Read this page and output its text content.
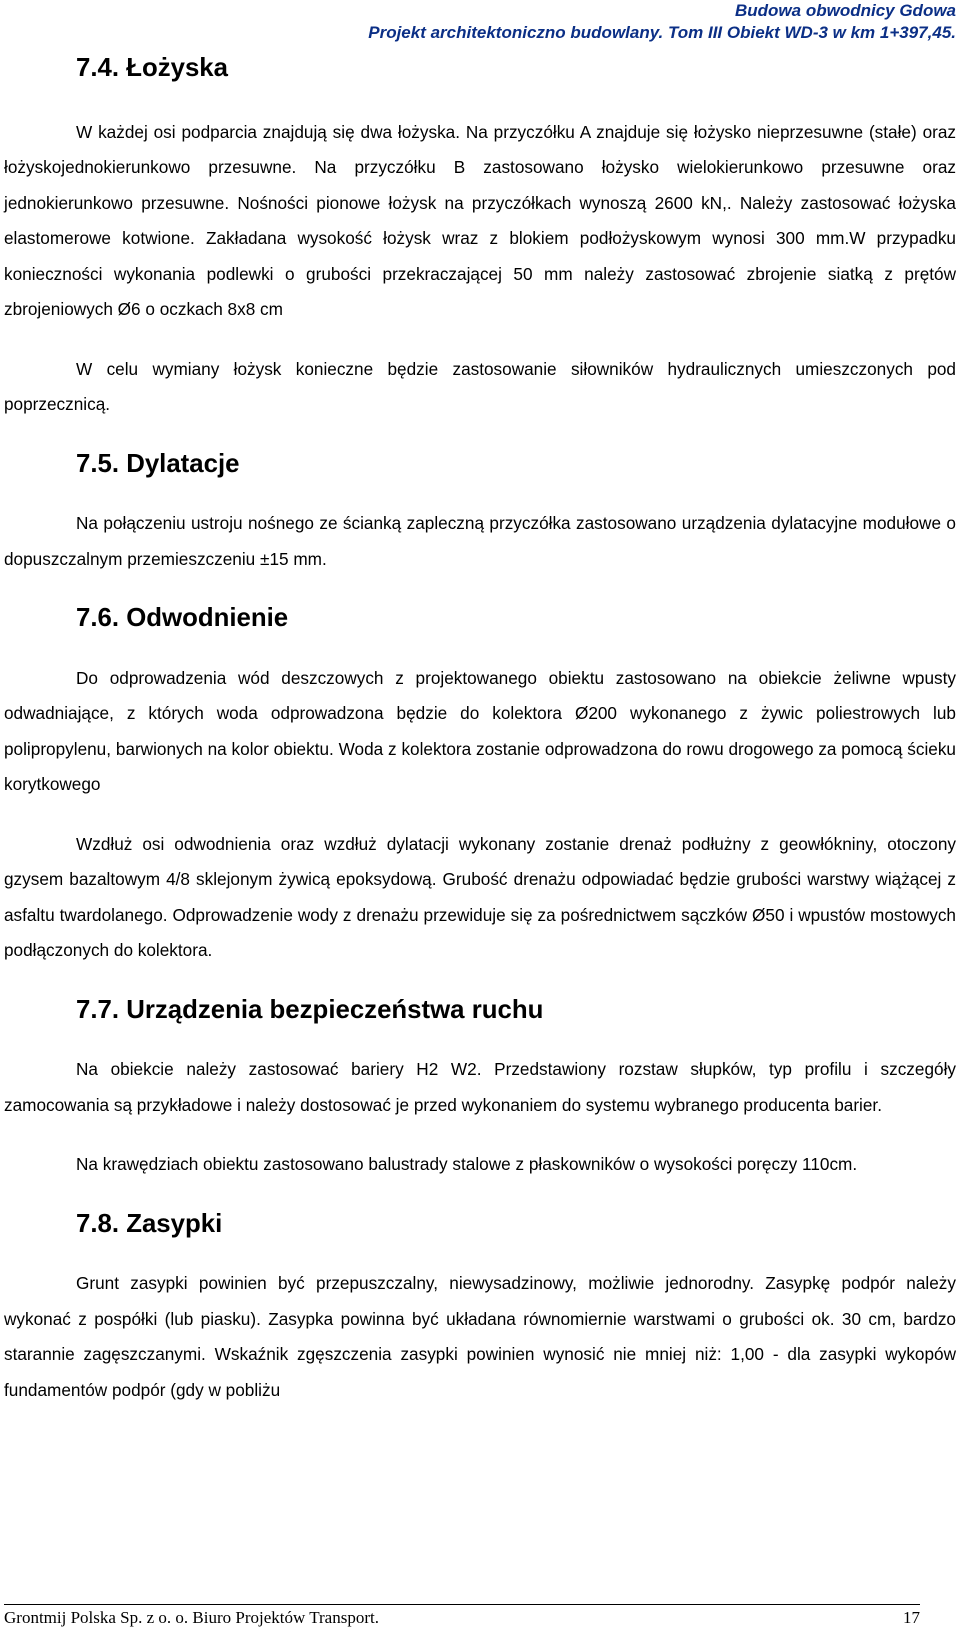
Budowa obwodnicy Gdowa
Projekt architektoniczno budowlany. Tom III Obiekt WD-3 w km 1+397,45.
7.4. Łożyska

W każdej osi podparcia znajdują się dwa łożyska. Na przyczółku A znajduje się łożysko nieprzesuwne (stałe) oraz łożyskojednokierunkowo przesuwne. Na przyczółku B zastosowano łożysko wielokierunkowo przesuwne oraz jednokierunkowo przesuwne. Nośności pionowe łożysk na przyczółkach wynoszą 2600 kN,. Należy zastosować łożyska elastomerowe kotwione. Zakładana wysokość łożysk wraz z blokiem podłożyskowym wynosi 300 mm.W przypadku konieczności wykonania podlewki o grubości przekraczającej 50 mm należy zastosować zbrojenie siatką z prętów zbrojeniowych Ø6 o oczkach 8x8 cm

W celu wymiany łożysk konieczne będzie zastosowanie siłowników hydraulicznych umieszczonych pod poprzecznicą.

7.5. Dylatacje

Na połączeniu ustroju nośnego ze ścianką zapleczną przyczółka zastosowano urządzenia dylatacyjne modułowe o dopuszczalnym przemieszczeniu ±15 mm.

7.6. Odwodnienie

Do odprowadzenia wód deszczowych z projektowanego obiektu zastosowano na obiekcie żeliwne wpusty odwadniające, z których woda odprowadzona będzie do kolektora Ø200 wykonanego z żywic poliestrowych lub polipropylenu, barwionych na kolor obiektu. Woda z kolektora zostanie odprowadzona do rowu drogowego za pomocą ścieku korytkowego

Wzdłuż osi odwodnienia oraz wzdłuż dylatacji wykonany zostanie drenaż podłużny z geowłókniny, otoczony gzysem bazaltowym 4/8 sklejonym żywicą epoksydową. Grubość drenażu odpowiadać będzie grubości warstwy wiążącej z asfaltu twardolanego. Odprowadzenie wody z drenażu przewiduje się za pośrednictwem sączków Ø50 i wpustów mostowych podłączonych do kolektora.

7.7. Urządzenia bezpieczeństwa ruchu

Na obiekcie należy zastosować bariery H2 W2. Przedstawiony rozstaw słupków, typ profilu i szczegóły zamocowania są przykładowe i należy dostosować je przed wykonaniem do systemu wybranego producenta barier.

Na krawędziach obiektu zastosowano balustrady stalowe z płaskowników o wysokości poręczy 110cm.

7.8. Zasypki

Grunt zasypki powinien być przepuszczalny, niewysadzinowy, możliwie jednorodny. Zasypkę podpór należy wykonać z pospółki (lub piasku). Zasypka powinna być układana równomiernie warstwami o grubości ok. 30 cm, bardzo starannie zagęszczanymi. Wskaźnik zgęszczenia zasypki powinien wynosić nie mniej niż: 1,00 - dla zasypki wykopów fundamentów podpór (gdy w pobliżu

Grontmij Polska Sp. z o. o. Biuro Projektów Transport.	17
